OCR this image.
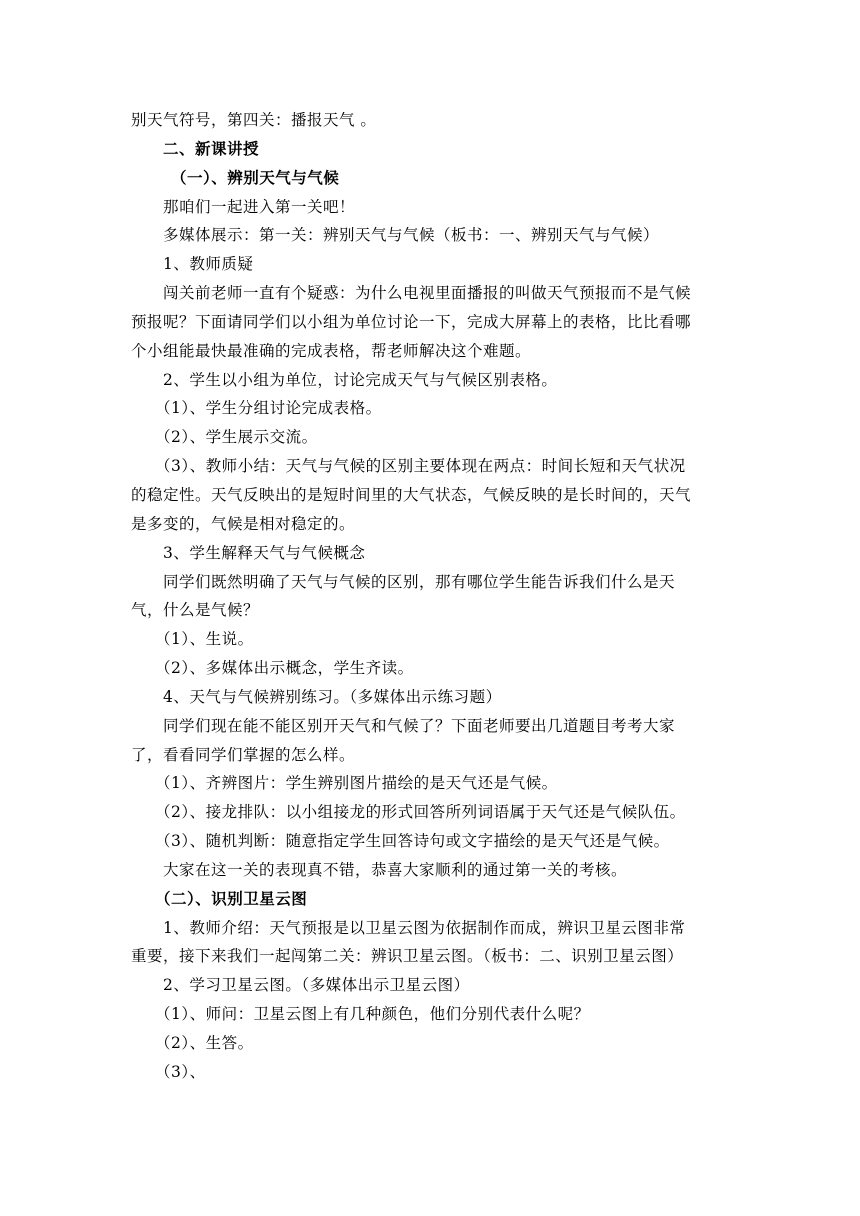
别天气符号，第四关：播报天气 。
二、新课讲授
（一）、辨别天气与气候
那咱们一起进入第一关吧！
多媒体展示：第一关：辨别天气与气候（板书：一、辨别天气与气候）
1、教师质疑
闯关前老师一直有个疑惑：为什么电视里面播报的叫做天气预报而不是气候
预报呢？下面请同学们以小组为单位讨论一下，完成大屏幕上的表格，比比看哪
个小组能最快最准确的完成表格，帮老师解决这个难题。
2、学生以小组为单位，讨论完成天气与气候区别表格。
（1）、学生分组讨论完成表格。
（2）、学生展示交流。
（3）、教师小结：天气与气候的区别主要体现在两点：时间长短和天气状况
的稳定性。天气反映出的是短时间里的大气状态，气候反映的是长时间的，天气
是多变的，气候是相对稳定的。
3、学生解释天气与气候概念
同学们既然明确了天气与气候的区别，那有哪位学生能告诉我们什么是天
气，什么是气候？
（1）、生说。
（2）、多媒体出示概念，学生齐读。
4、天气与气候辨别练习。（多媒体出示练习题）
同学们现在能不能区别开天气和气候了？下面老师要出几道题目考考大家
了，看看同学们掌握的怎么样。
（1）、齐辨图片：学生辨别图片描绘的是天气还是气候。
（2）、接龙排队：以小组接龙的形式回答所列词语属于天气还是气候队伍。
（3）、随机判断：随意指定学生回答诗句或文字描绘的是天气还是气候。
大家在这一关的表现真不错，恭喜大家顺利的通过第一关的考核。
（二）、识别卫星云图
1、教师介绍：天气预报是以卫星云图为依据制作而成，辨识卫星云图非常
重要，接下来我们一起闯第二关：辨识卫星云图。（板书：二、识别卫星云图）
2、学习卫星云图。（多媒体出示卫星云图）
（1）、师问：卫星云图上有几种颜色，他们分别代表什么呢？
（2）、生答。
（3）、
